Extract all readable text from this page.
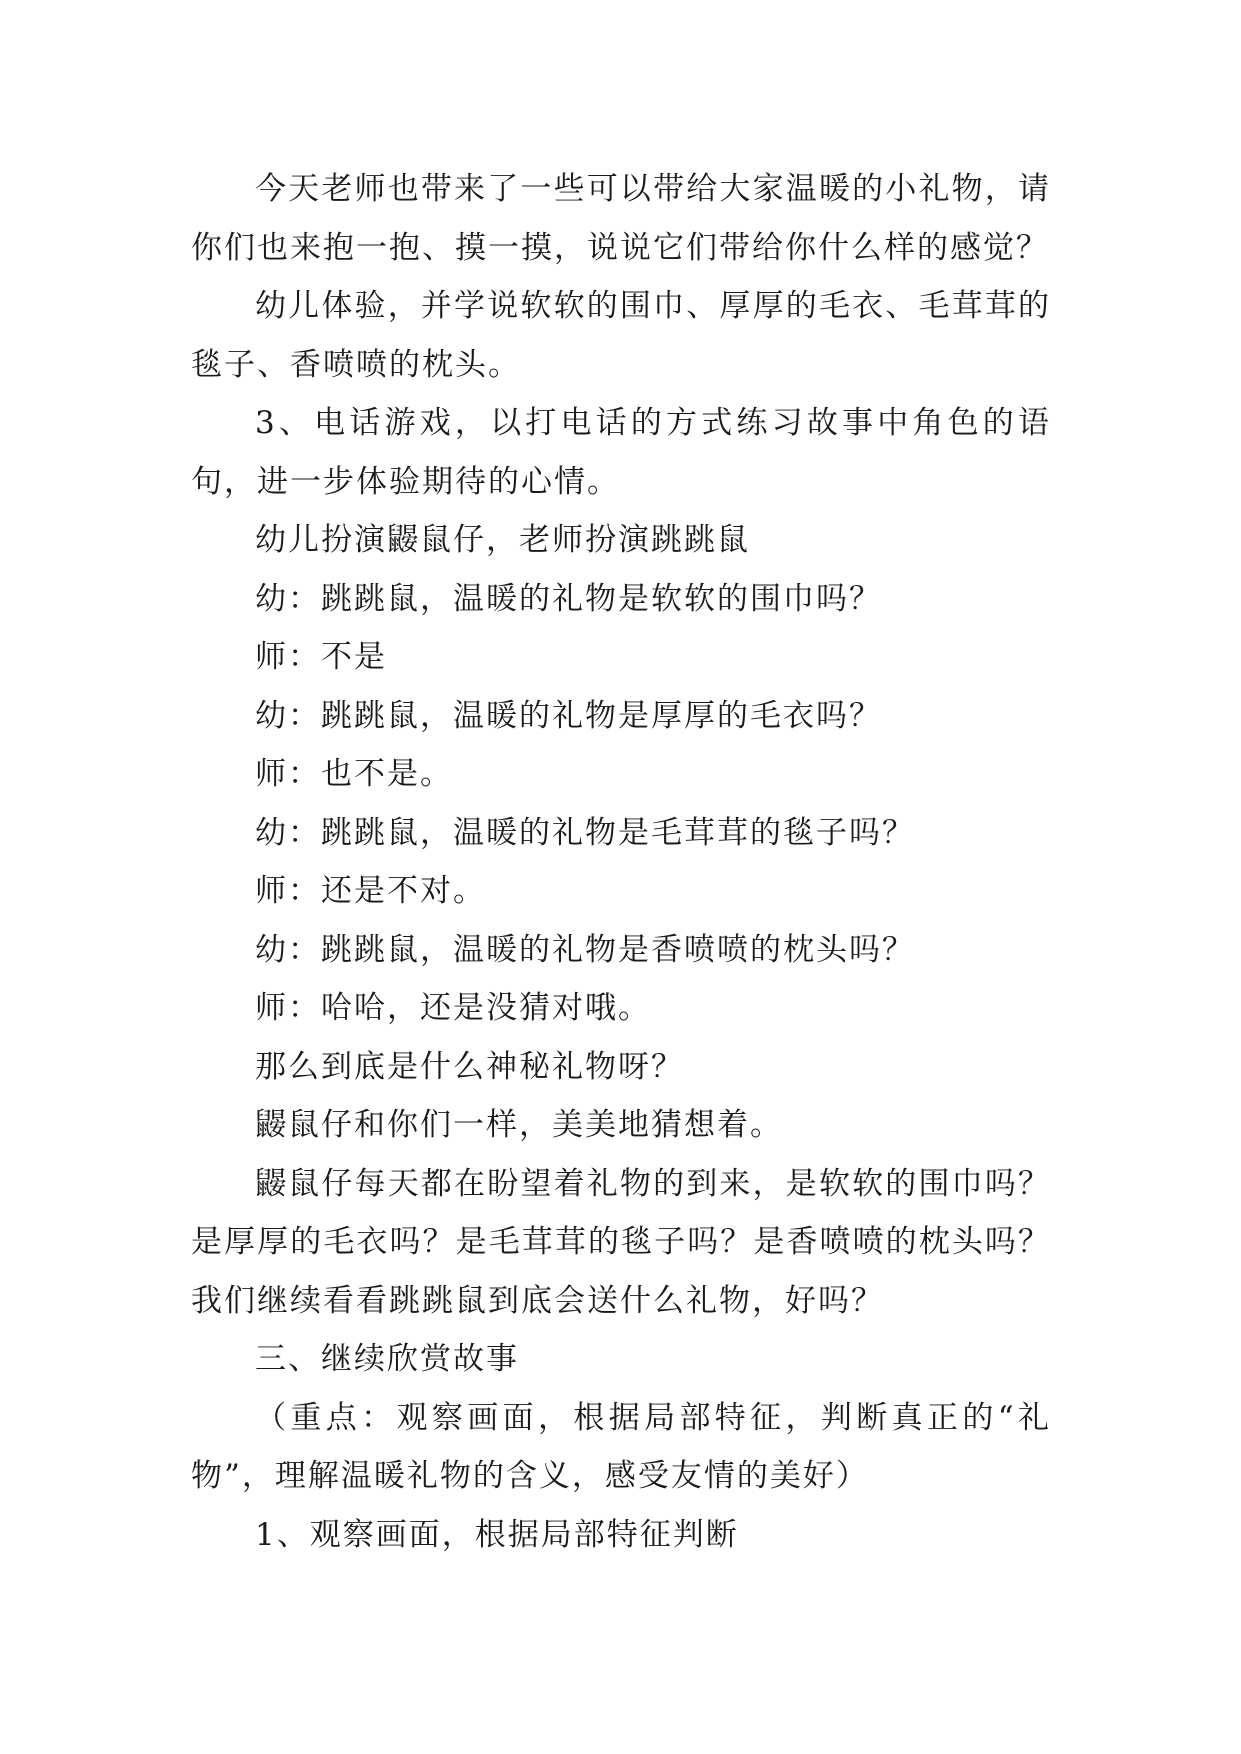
今天老师也带来了一些可以带给大家温暖的小礼物，请你们也来抱一抱、摸一摸，说说它们带给你什么样的感觉？

幼儿体验，并学说软软的围巾、厚厚的毛衣、毛茸茸的毯子、香喷喷的枕头。

3、电话游戏，以打电话的方式练习故事中角色的语句，进一步体验期待的心情。

幼儿扮演鼹鼠仔，老师扮演跳跳鼠

幼：跳跳鼠，温暖的礼物是软软的围巾吗？

师：不是

幼：跳跳鼠，温暖的礼物是厚厚的毛衣吗？

师：也不是。

幼：跳跳鼠，温暖的礼物是毛茸茸的毯子吗？

师：还是不对。

幼：跳跳鼠，温暖的礼物是香喷喷的枕头吗？

师：哈哈，还是没猜对哦。

那么到底是什么神秘礼物呀？

鼹鼠仔和你们一样，美美地猜想着。

鼹鼠仔每天都在盼望着礼物的到来，是软软的围巾吗？是厚厚的毛衣吗？是毛茸茸的毯子吗？是香喷喷的枕头吗？我们继续看看跳跳鼠到底会送什么礼物，好吗？

三、继续欣赏故事

（重点：观察画面，根据局部特征，判断真正的“礼物”，理解温暖礼物的含义，感受友情的美好）

1、观察画面，根据局部特征判断
